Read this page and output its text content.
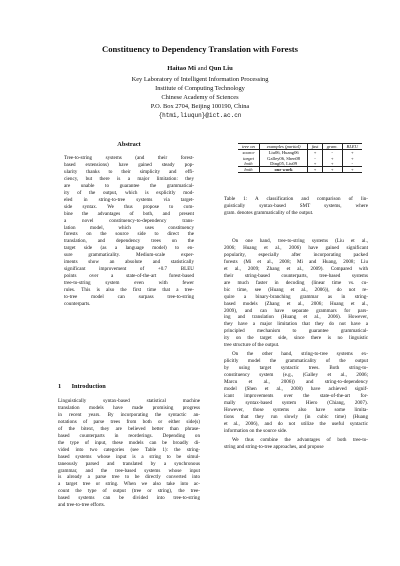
Constituency to Dependency Translation with Forests
Haitao Mi and Qun Liu
Key Laboratory of Intelligent Information Processing
Institute of Computing Technology
Chinese Academy of Sciences
P.O. Box 2704, Beijing 100190, China
{htmi,liuqun}@ict.ac.cn
Abstract
Tree-to-string systems (and their forest-
based extensions) have gained steady pop-
ularity thanks to their simplicity and effi-
ciency, but there is a major limitation: they
are unable to guarantee the grammatical-
ity of the output, which is explicitly mod-
eled in string-to-tree systems via target-
side syntax. We thus propose to com-
bine the advantages of both, and present
a novel constituency-to-dependency trans-
lation model, which uses constituency
forests on the source side to direct the
translation, and dependency trees on the
target side (as a language model) to en-
sure grammaticality. Medium-scale exper-
iments show an absolute and statistically
significant improvement of +0.7 BLEU
points over a state-of-the-art forest-based
tree-to-string system even with fewer
rules. This is also the first time that a tree-
to-tree model can surpass tree-to-string
counterparts.
1 Introduction
Linguistically syntax-based statistical machine
translation models have made promising progress
in recent years. By incorporating the syntactic an-
notations of parse trees from both or either side(s)
of the bitext, they are believed better than phrase-
based counterparts in reorderings. Depending on
the type of input, these models can be broadly di-
vided into two categories (see Table 1): the string-
based systems whose input is a string to be simul-
taneously parsed and translated by a synchronous
grammar, and the tree-based systems whose input
is already a parse tree to be directly converted into
a target tree or string. When we also take into ac-
count the type of output (tree or string), the tree-
based systems can be divided into tree-to-string
and tree-to-tree efforts.
tree on	examples (partial)	fast	gram.	BLEU
source	Liu06, Huang06	+	-	+
target	Galley06, Shen08	-	+	+
both	Ding05, Liu09	+	+	-
both	our work	+	+	+
Table 1: A classification and comparison of lin-
guistically syntax-based SMT systems, where
gram. denotes grammaticality of the output.
On one hand, tree-to-string systems (Liu et al.,
2006; Huang et al., 2006) have gained significant
popularity, especially after incorporating packed
forests (Mi et al., 2008; Mi and Huang, 2008; Liu
et al., 2009; Zhang et al., 2009). Compared with
their string-based counterparts, tree-based systems
are much faster in decoding (linear time vs. cu-
bic time, see (Huang et al., 2006)), do not re-
quire a binary-branching grammar as in string-
based models (Zhang et al., 2006; Huang et al.,
2009), and can have separate grammars for pars-
ing and translation (Huang et al., 2006). However,
they have a major limitation that they do not have a
principled mechanism to guarantee grammatical-
ity on the target side, since there is no linguistic
tree structure of the output.
On the other hand, string-to-tree systems ex-
plicitly model the grammaticality of the output
by using target syntactic trees. Both string-to-
constituency system (e.g., (Galley et al., 2006;
Marcu et al., 2006)) and string-to-dependency
model (Shen et al., 2008) have achieved signif-
icant improvements over the state-of-the-art for-
mally syntax-based system Hiero (Chiang, 2007).
However, those systems also have some limita-
tions that they run slowly (in cubic time) (Huang
et al., 2006), and do not utilize the useful syntactic
information on the source side.
We thus combine the advantages of both tree-to-
string and string-to-tree approaches, and propose
